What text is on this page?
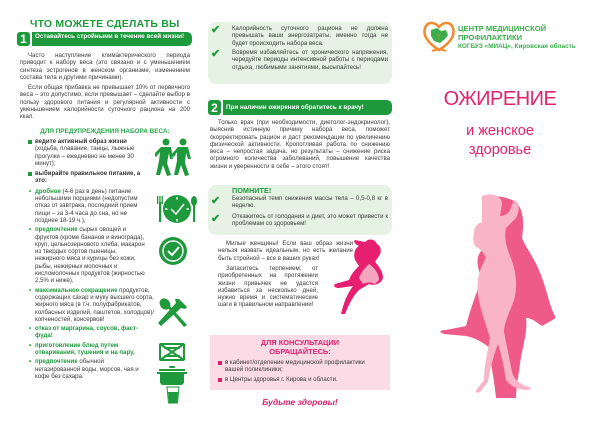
ЧТО МОЖЕТЕ СДЕЛАТЬ ВЫ
1	Оставайтесь стройными в течение всей жизни!

Часто наступление климактерического периода приводит к набору веса (это связано и с уменьшением синтеза эстрогенов в женском организме, изменением состава тела и другими причинами).

Если общая прибавка не превышает 10% от первичного веса – это допустимо, если превышает – сделайте выбор в пользу здорового питания и регулярной активности с уменьшением калорийности суточного рациона на 200 ккал.

ДЛЯ ПРЕДУПРЕЖДЕНИЯ НАБОРА ВЕСА:
ведите активный образ жизни (ходьба, плавание, танцы, лыжные прогулки – ежедневно не менее 30 минут);
выбирайте правильное питание, а это:
• дробное (4-6 раз в день) питание небольшими порциями (недопустим отказ от завтрака, последний прием пищи – за 3-4 часа до сна, но не позднее 18-19 ч.),
• предпочтение сырых овощей и фруктов (кроме бананов и винограда), круп, цельнозернового хлеба, макарон из твердых сортов пшеницы, нежирного мяса и курицы без кожи, рыбы, нежирных молочных и кисломолочных продуктов (жирностью 2,5% и ниже),
• максимальное сокращение продуктов, содержащих сахар и муку высшего сорта, жирного мяса (в т.ч. полуфабрикатов, колбасных изделий, паштетов, холодцов)/ копченостей, консервов!
• отказ от маргарина, соусов, фаст-фуда!
• приготовление блюд путем отваривания, тушения и на пару,
• предпочтение обычной негазированной воды, морсов, чая и кофе без сахара.
✔ Калорийность суточного рациона не должна превышать ваши энергозатраты, именно тогда не будет происходить набора веса.

✔ Вовремя избавляйтесь от хронического напряжения, чередуйте периоды интенсивной работы с периодами отдыха, любимыми занятиями, высыпайтесь!

2	При наличии ожирения обратитесь к врачу!

Только врач (при необходимости, диетолог-эндокринолог), выяснив истинную причину набора веса, поможет скорректировать рацион и даст рекомендации по увеличению физической активности. Кропотливая работа по снижению веса – непростая задача, но результаты – снижение риска огромного количества заболеваний, повышение качества жизни и уверенности в себе – этого стоят!

ПОМНИТЕ!
✔ Безопасный темп снижения массы тела – 0,5-0,8 кг в неделю.

✔ Откажитесь от голодания и диет, это может привести к проблемам со здоровьем!

Милые женщины! Если ваш образ жизни нельзя назвать идеальным, но есть желание быть стройной – все в ваших руках!

Запаситесь терпением: от приобретенных на протяжении жизни привычек не удастся избавиться за несколько дней, нужно время и систематические шаги в правильном направлении!

ДЛЯ КОНСУЛЬТАЦИИ
ОБРАЩАЙТЕСЬ:
в кабинет/отделение медицинской профилактики вашей поликлиники;
в Центры здоровья г. Кирова и области.
Будьте здоровы!
T
ЦЕНТР МЕДИЦИНСКОЙ
ПРОФИЛАКТИКИ
КОГБУЗ «МИАЦ», Кировская область
ОЖИРЕНИЕ
и женское
здоровье
